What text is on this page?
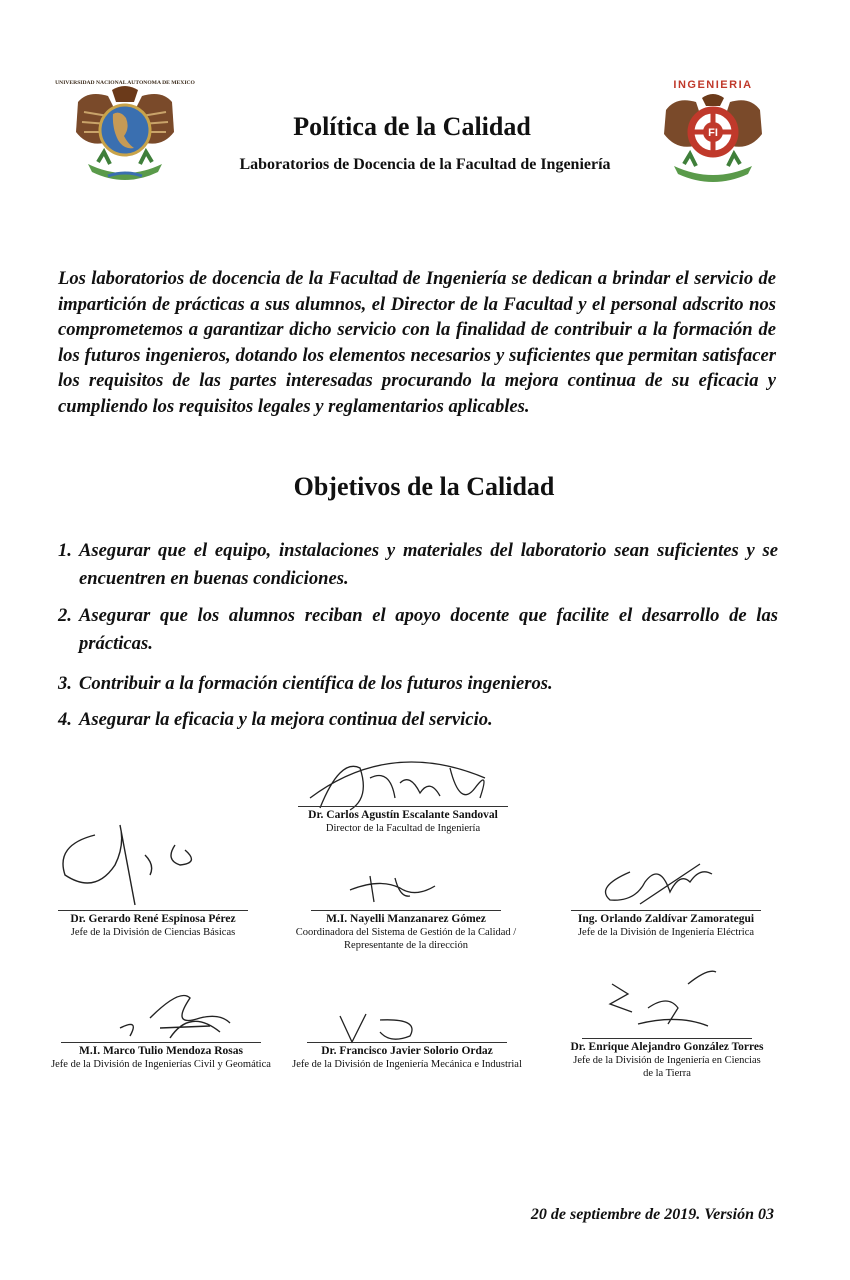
UNIVERSIDAD NACIONAL AUTONOMA DE MEXICO	INGENIERIA
FI
Política de la Calidad
Laboratorios de Docencia de la Facultad de Ingeniería
Los laboratorios de docencia de la Facultad de Ingeniería se dedican a brindar el servicio de impartición de prácticas a sus alumnos, el Director de la Facultad y el personal adscrito nos comprometemos a garantizar dicho servicio con la finalidad de contribuir a la formación de los futuros ingenieros, dotando los elementos necesarios y suficientes que permitan satisfacer los requisitos de las partes interesadas procurando la mejora continua de su eficacia y cumpliendo los requisitos legales y reglamentarios aplicables.
Objetivos de la Calidad
1. Asegurar que el equipo, instalaciones y materiales del laboratorio sean suficientes y se encuentren en buenas condiciones.
2. Asegurar que los alumnos reciban el apoyo docente que facilite el desarrollo de las prácticas.
3. Contribuir a la formación científica de los futuros ingenieros.
4. Asegurar la eficacia y la mejora continua del servicio.
Dr. Carlos Agustín Escalante Sandoval
Director de la Facultad de Ingeniería
Dr. Gerardo René Espinosa Pérez
Jefe de la División de Ciencias Básicas
M.I. Nayelli Manzanarez Gómez
Coordinadora del Sistema de Gestión de la Calidad /
Representante de la dirección
Ing. Orlando Zaldívar Zamorategui
Jefe de la División de Ingeniería Eléctrica
M.I. Marco Tulio Mendoza Rosas
Jefe de la División de Ingenierías Civil y Geomática
Dr. Francisco Javier Solorio Ordaz
Jefe de la División de Ingeniería Mecánica e Industrial
Dr. Enrique Alejandro González Torres
Jefe de la División de Ingeniería en Ciencias
de la Tierra
20 de septiembre de 2019. Versión 03
